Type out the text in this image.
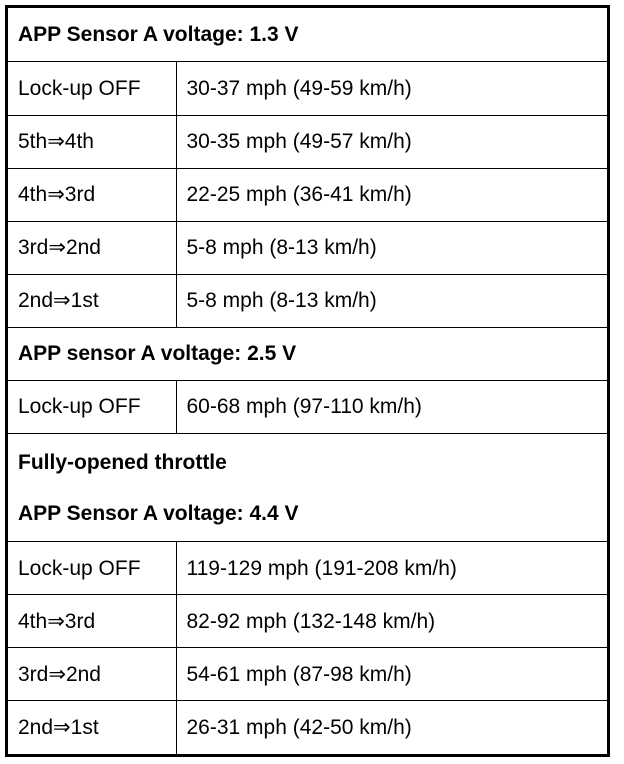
APP Sensor A voltage: 1.3 V	
Lock-up OFF	30-37 mph (49-59 km/h)
5th⇒4th	30-35 mph (49-57 km/h)
4th⇒3rd	22-25 mph (36-41 km/h)
3rd⇒2nd	5-8 mph (8-13 km/h)
2nd⇒1st	5-8 mph (8-13 km/h)
APP sensor A voltage: 2.5 V	
Lock-up OFF	60-68 mph (97-110 km/h)
Fully-opened throttle
APP Sensor A voltage: 4.4 V	

Lock-up OFF	119-129 mph (191-208 km/h)
4th⇒3rd	82-92 mph (132-148 km/h)
3rd⇒2nd	54-61 mph (87-98 km/h)
2nd⇒1st	26-31 mph (42-50 km/h)
